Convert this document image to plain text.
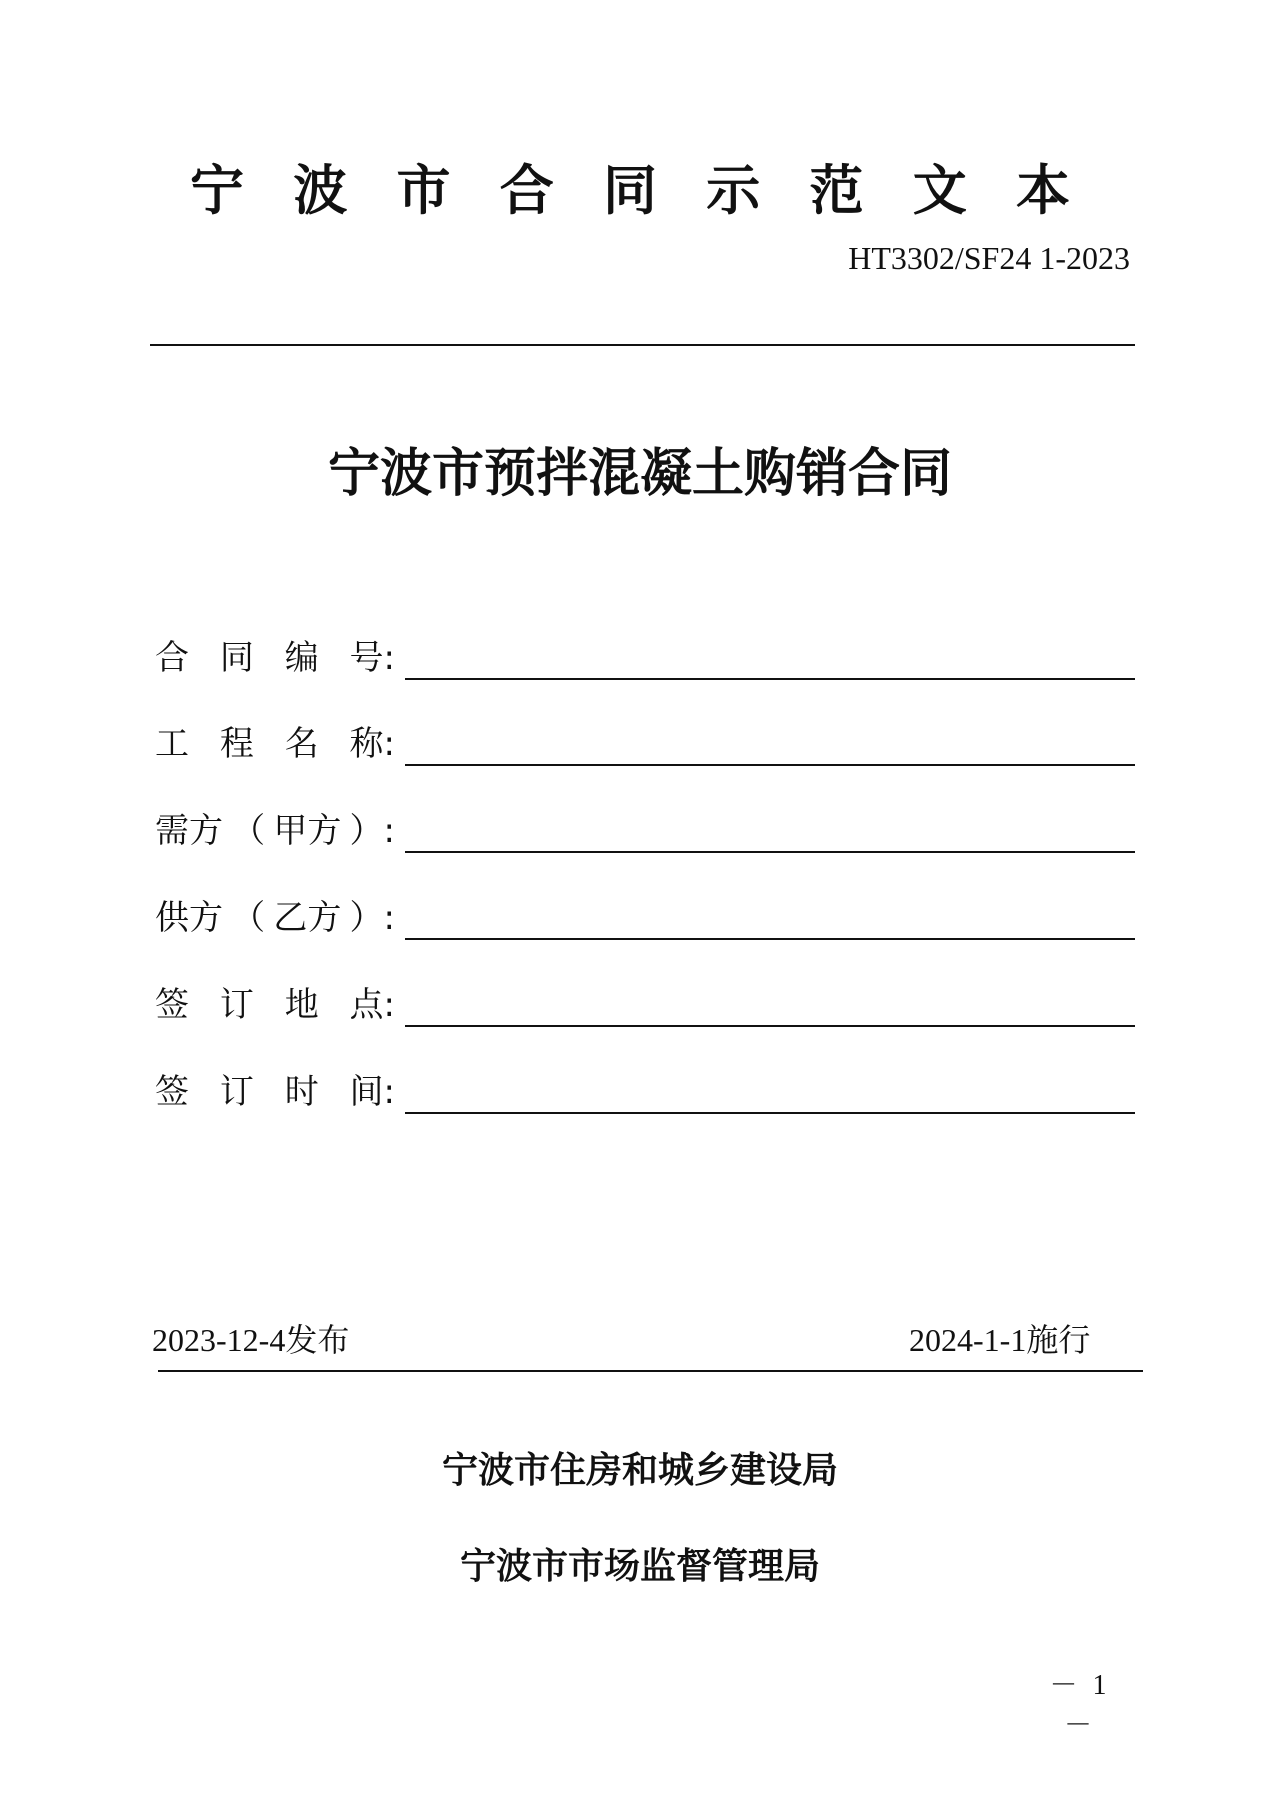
宁 波 市 合 同 示 范 文 本
HT3302/SF24 1-2023
宁波市预拌混凝土购销合同
合 同 编 号:
工 程 名 称:
需方 （ 甲方 ）:
供方 （ 乙方 ）:
签 订 地 点:
签 订 时 间:
2023-12-4发布	2024-1-1施行
宁波市住房和城乡建设局
宁波市市场监督管理局
－ 1 －
